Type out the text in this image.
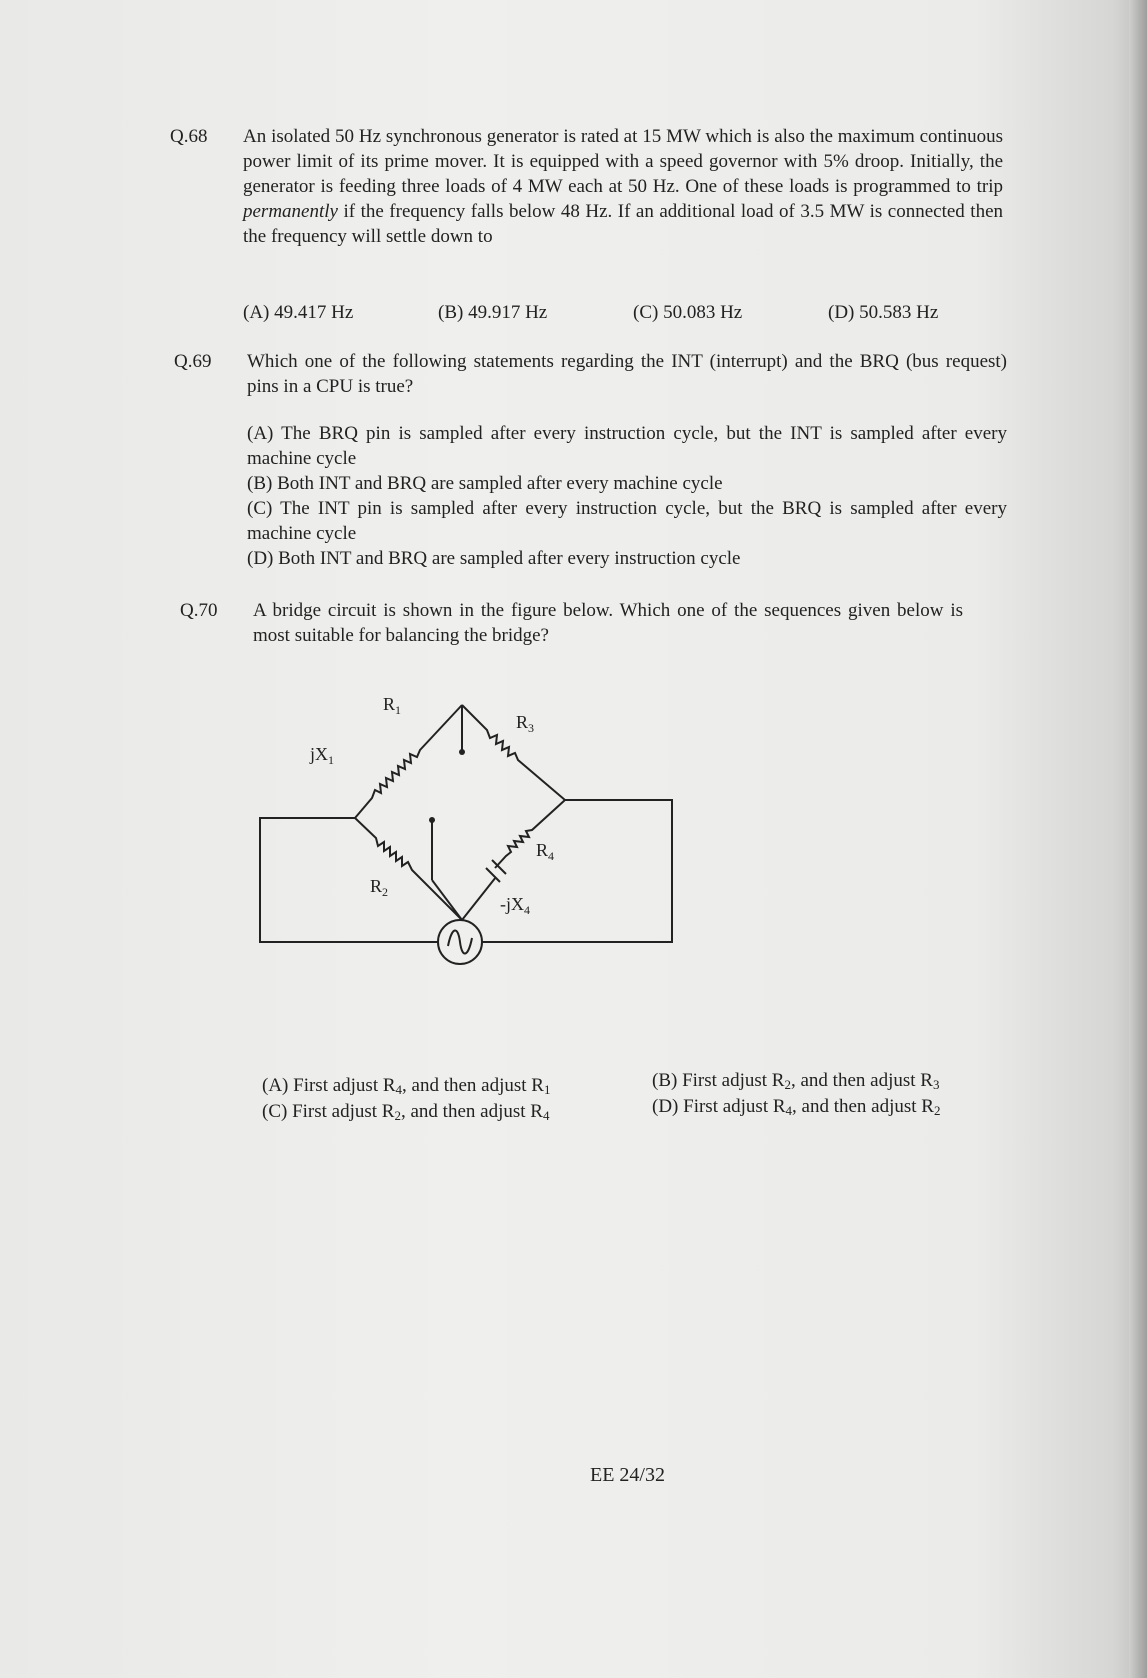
Q.68 An isolated 50 Hz synchronous generator is rated at 15 MW which is also the maximum continuous power limit of its prime mover. It is equipped with a speed governor with 5% droop. Initially, the generator is feeding three loads of 4 MW each at 50 Hz. One of these loads is programmed to trip permanently if the frequency falls below 48 Hz. If an additional load of 3.5 MW is connected then the frequency will settle down to

(A) 49.417 Hz	(B) 49.917 Hz	(C) 50.083 Hz	(D) 50.583 Hz
Q.69 Which one of the following statements regarding the INT (interrupt) and the BRQ (bus request) pins in a CPU is true?

(A) The BRQ pin is sampled after every instruction cycle, but the INT is sampled after every machine cycle
(B) Both INT and BRQ are sampled after every machine cycle
(C) The INT pin is sampled after every instruction cycle, but the BRQ is sampled after every machine cycle
(D) Both INT and BRQ are sampled after every instruction cycle
Q.70 A bridge circuit is shown in the figure below. Which one of the sequences given below is most suitable for balancing the bridge?

$R_1$
$jX_1$
$R_3$
$R_4$
$R_2$
$-jX_4$
(A) First adjust $R_4$, and then adjust $R_1$
(C) First adjust $R_2$, and then adjust $R_4$
(B) First adjust $R_2$, and then adjust $R_3$
(D) First adjust $R_4$, and then adjust $R_2$
EE 24/32
